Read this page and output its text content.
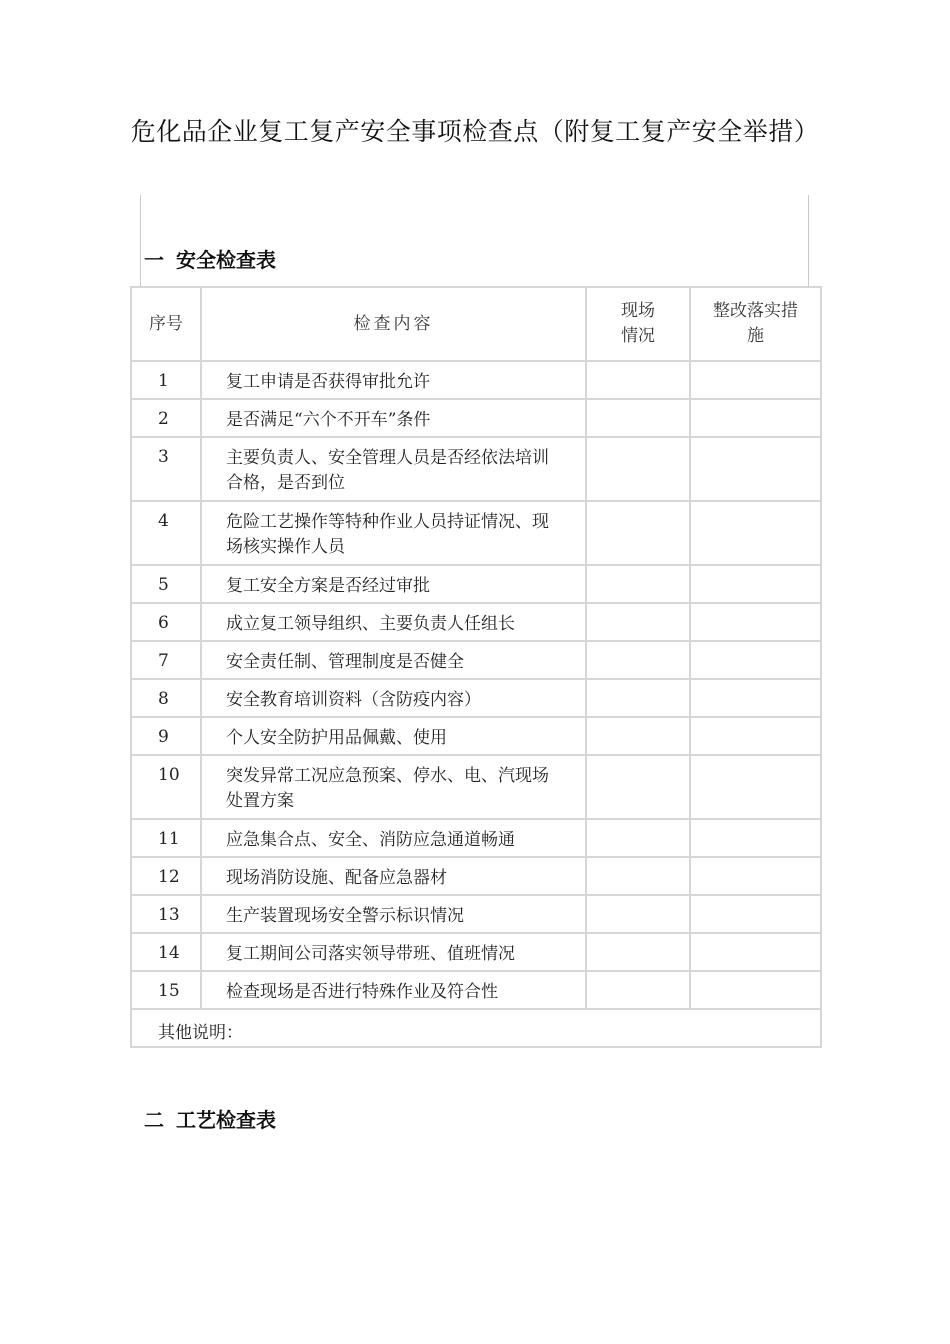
危化品企业复工复产安全事项检查点（附复工复产安全举措）
一 安全检查表
序号	检查内容	现场情况	整改落实措施
1	复工申请是否获得审批允许		
2	是否满足“六个不开车”条件		
3	主要负责人、安全管理人员是否经依法培训合格，是否到位		
4	危险工艺操作等特种作业人员持证情况、现场核实操作人员		
5	复工安全方案是否经过审批		
6	成立复工领导组织、主要负责人任组长		
7	安全责任制、管理制度是否健全		
8	安全教育培训资料（含防疫内容）		
9	个人安全防护用品佩戴、使用		
10	突发异常工况应急预案、停水、电、汽现场处置方案		
11	应急集合点、安全、消防应急通道畅通		
12	现场消防设施、配备应急器材		
13	生产装置现场安全警示标识情况		
14	复工期间公司落实领导带班、值班情况		
15	检查现场是否进行特殊作业及符合性		
其他说明：			
二 工艺检查表
